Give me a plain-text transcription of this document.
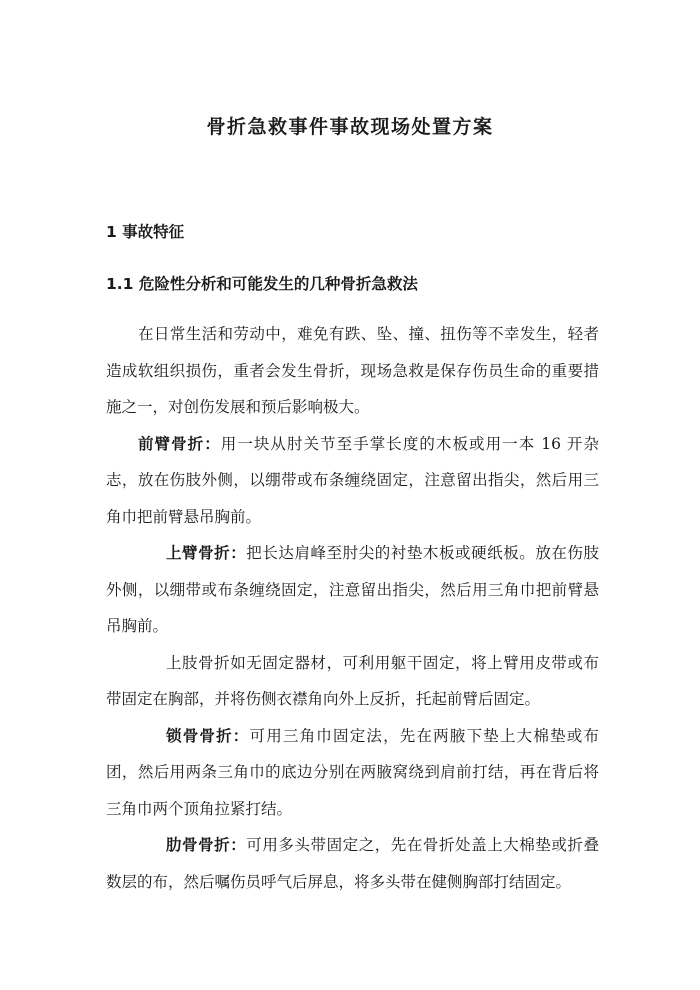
骨折急救事件事故现场处置方案
1 事故特征
1.1 危险性分析和可能发生的几种骨折急救法

在日常生活和劳动中，难免有跌、坠、撞、扭伤等不幸发生，轻者造成软组织损伤，重者会发生骨折，现场急救是保存伤员生命的重要措施之一，对创伤发展和预后影响极大。

前臂骨折：用一块从肘关节至手掌长度的木板或用一本 16 开杂志，放在伤肢外侧，以绷带或布条缠绕固定，注意留出指尖，然后用三角巾把前臂悬吊胸前。

上臂骨折：把长达肩峰至肘尖的衬垫木板或硬纸板。放在伤肢外侧，以绷带或布条缠绕固定，注意留出指尖，然后用三角巾把前臂悬吊胸前。

上肢骨折如无固定器材，可利用躯干固定，将上臂用皮带或布带固定在胸部，并将伤侧衣襟角向外上反折，托起前臂后固定。

锁骨骨折：可用三角巾固定法，先在两腋下垫上大棉垫或布团，然后用两条三角巾的底边分别在两腋窝绕到肩前打结，再在背后将三角巾两个顶角拉紧打结。

肋骨骨折：可用多头带固定之，先在骨折处盖上大棉垫或折叠数层的布，然后嘱伤员呼气后屏息，将多头带在健侧胸部打结固定。
